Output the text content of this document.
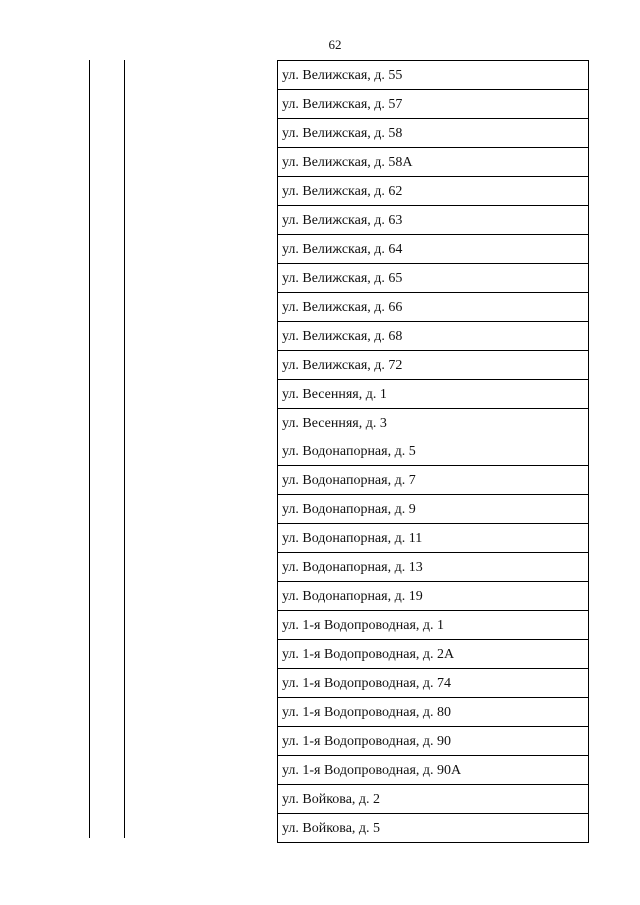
62
ул. Велижская, д. 55
ул. Велижская, д. 57
ул. Велижская, д. 58
ул. Велижская, д. 58А
ул. Велижская, д. 62
ул. Велижская, д. 63
ул. Велижская, д. 64
ул. Велижская, д. 65
ул. Велижская, д. 66
ул. Велижская, д. 68
ул. Велижская, д. 72
ул. Весенняя, д. 1
ул. Весенняя, д. 3
ул. Водонапорная, д. 5
ул. Водонапорная, д. 7
ул. Водонапорная, д. 9
ул. Водонапорная, д. 11
ул. Водонапорная, д. 13
ул. Водонапорная, д. 19
ул. 1-я Водопроводная, д. 1
ул. 1-я Водопроводная, д. 2А
ул. 1-я Водопроводная, д. 74
ул. 1-я Водопроводная, д. 80
ул. 1-я Водопроводная, д. 90
ул. 1-я Водопроводная, д. 90А
ул. Войкова, д. 2
ул. Войкова, д. 5
